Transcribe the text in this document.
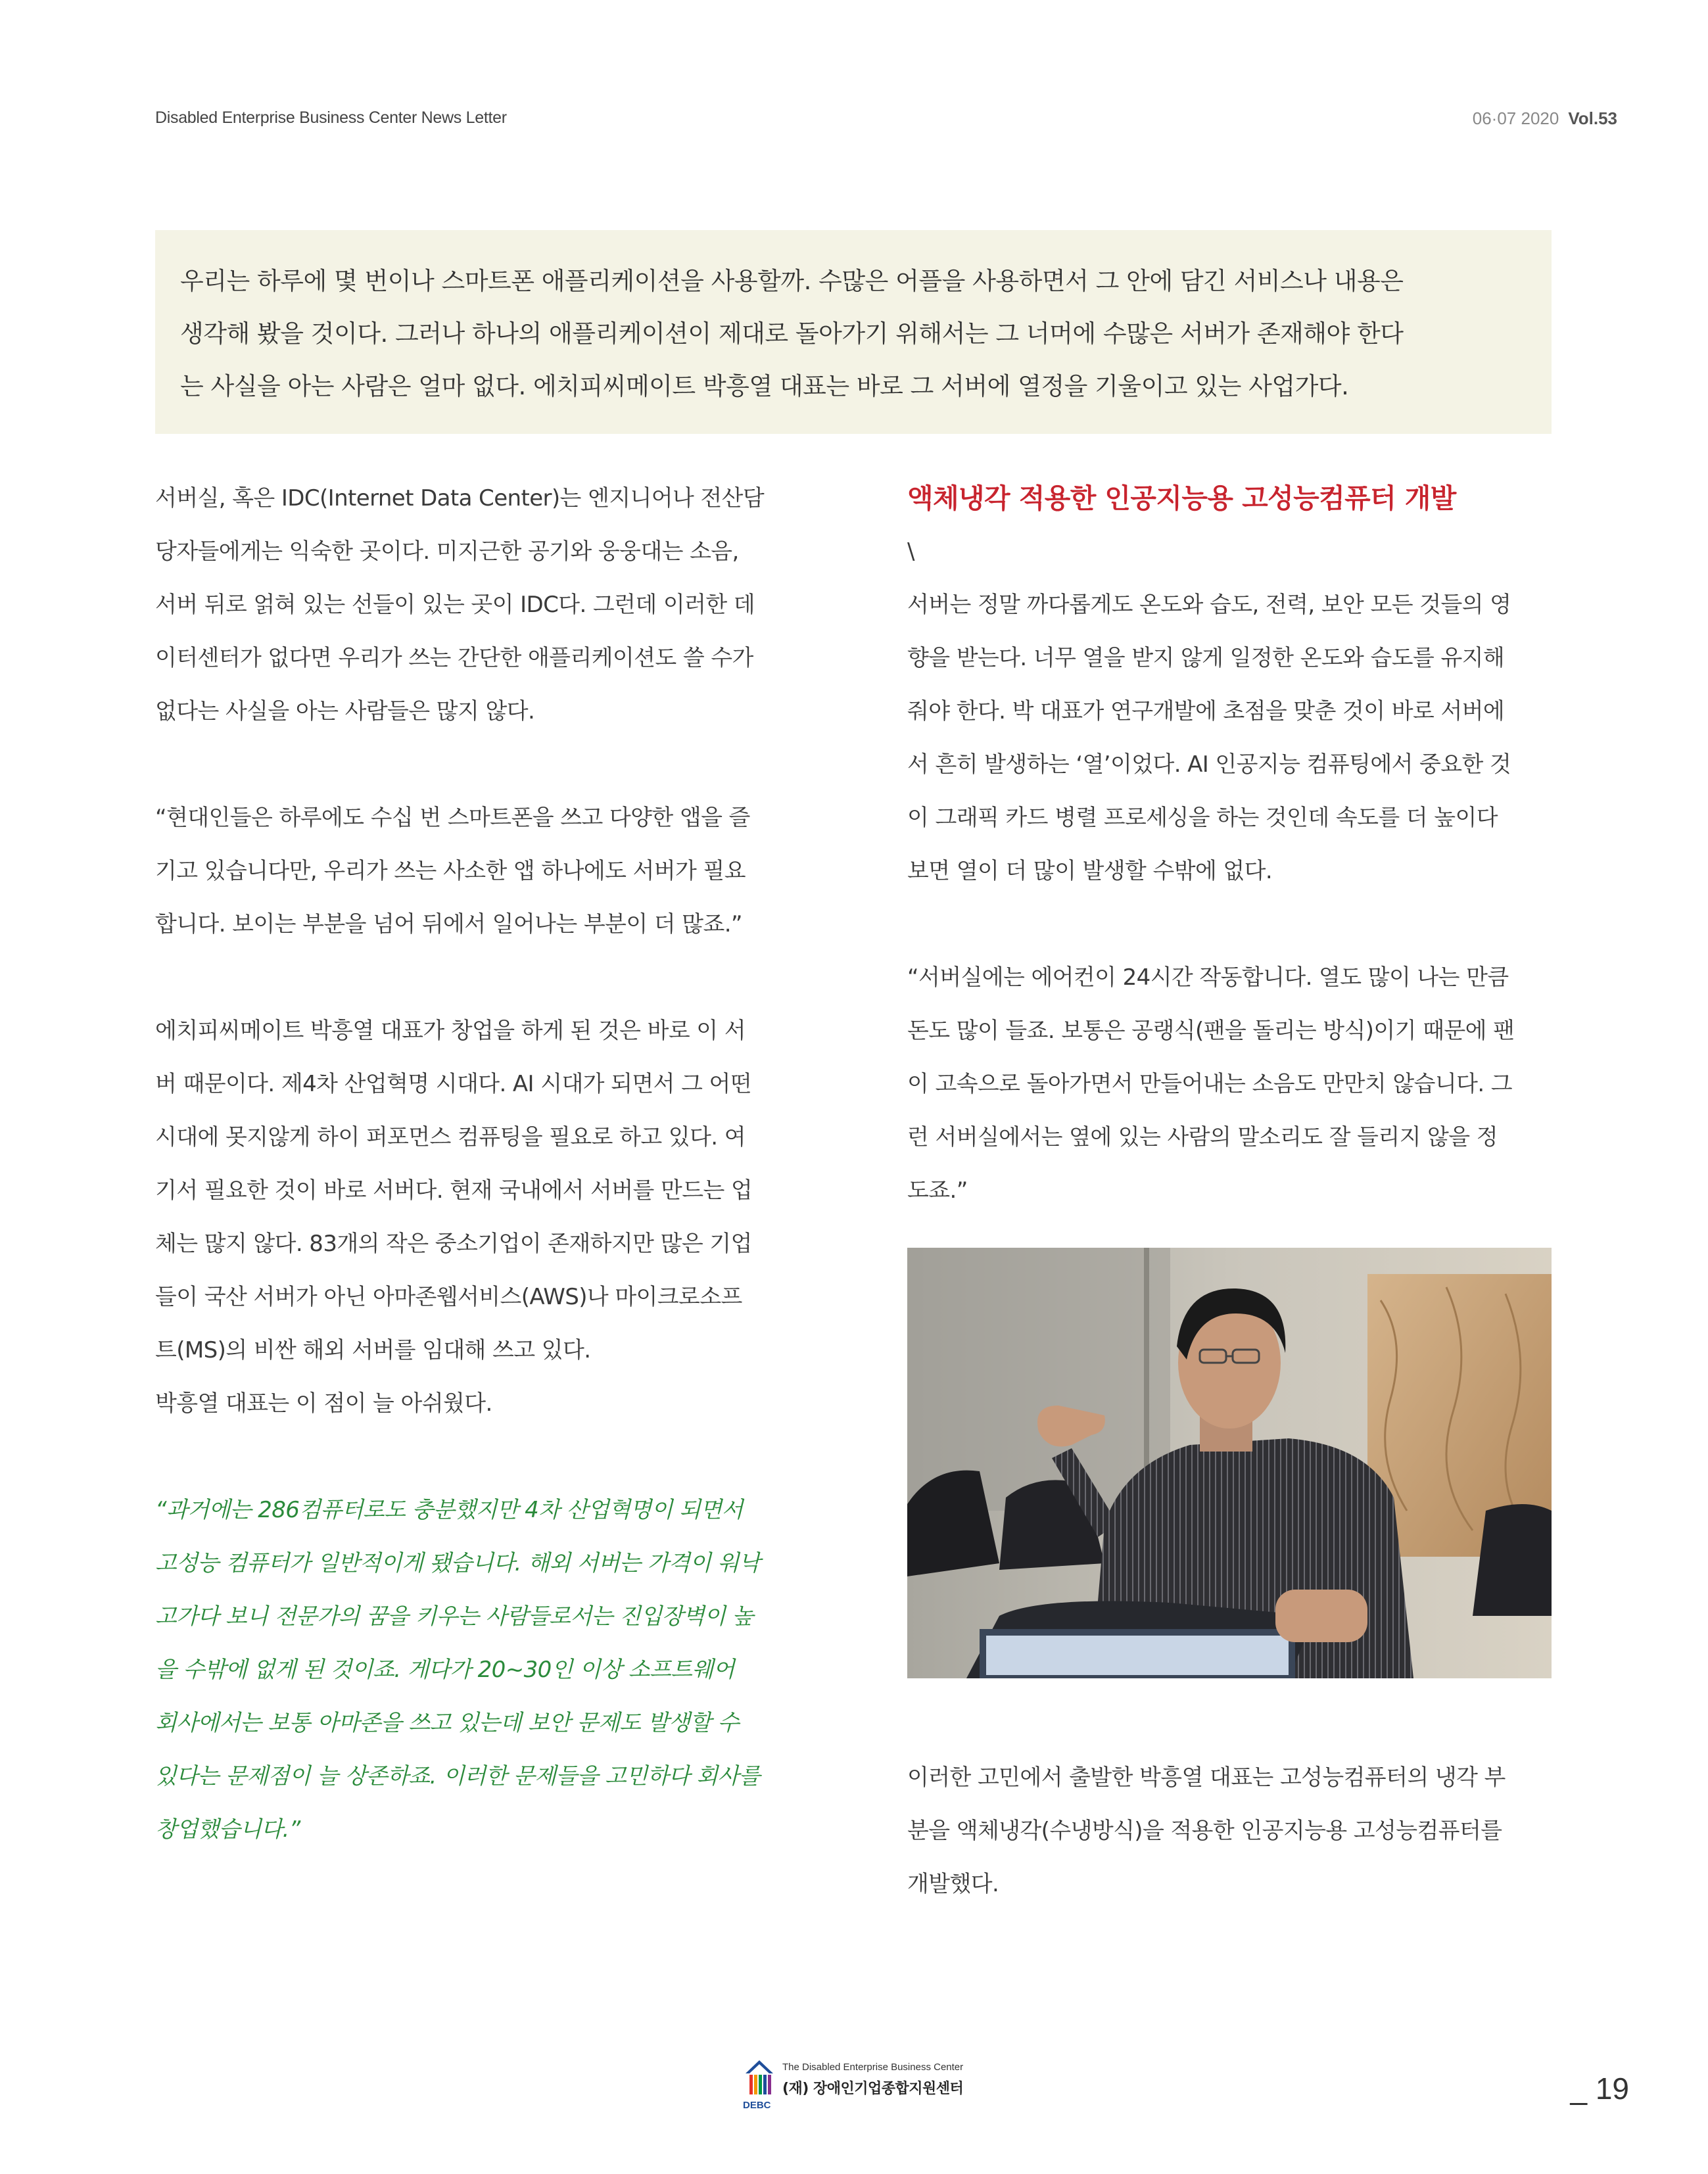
Disabled Enterprise Business Center News Letter	06·07 2020 Vol.53

우리는 하루에 몇 번이나 스마트폰 애플리케이션을 사용할까. 수많은 어플을 사용하면서 그 안에 담긴 서비스나 내용은

생각해 봤을 것이다. 그러나 하나의 애플리케이션이 제대로 돌아가기 위해서는 그 너머에 수많은 서버가 존재해야 한다

는 사실을 아는 사람은 얼마 없다. 에치피씨메이트 박흥열 대표는 바로 그 서버에 열정을 기울이고 있는 사업가다.

서버실, 혹은 IDC(Internet Data Center)는 엔지니어나 전산담

당자들에게는 익숙한 곳이다. 미지근한 공기와 웅웅대는 소음,

서버 뒤로 얽혀 있는 선들이 있는 곳이 IDC다. 그런데 이러한 데

이터센터가 없다면 우리가 쓰는 간단한 애플리케이션도 쓸 수가

없다는 사실을 아는 사람들은 많지 않다.

“현대인들은 하루에도 수십 번 스마트폰을 쓰고 다양한 앱을 즐

기고 있습니다만, 우리가 쓰는 사소한 앱 하나에도 서버가 필요

합니다. 보이는 부분을 넘어 뒤에서 일어나는 부분이 더 많죠.”

에치피씨메이트 박흥열 대표가 창업을 하게 된 것은 바로 이 서

버 때문이다. 제4차 산업혁명 시대다. AI 시대가 되면서 그 어떤

시대에 못지않게 하이 퍼포먼스 컴퓨팅을 필요로 하고 있다. 여

기서 필요한 것이 바로 서버다. 현재 국내에서 서버를 만드는 업

체는 많지 않다. 83개의 작은 중소기업이 존재하지만 많은 기업

들이 국산 서버가 아닌 아마존웹서비스(AWS)나 마이크로소프

트(MS)의 비싼 해외 서버를 임대해 쓰고 있다.

박흥열 대표는 이 점이 늘 아쉬웠다.

“과거에는 286컴퓨터로도 충분했지만 4차 산업혁명이 되면서

고성능 컴퓨터가 일반적이게 됐습니다. 해외 서버는 가격이 워낙

고가다 보니 전문가의 꿈을 키우는 사람들로서는 진입장벽이 높

을 수밖에 없게 된 것이죠. 게다가 20~30인 이상 소프트웨어

회사에서는 보통 아마존을 쓰고 있는데 보안 문제도 발생할 수

있다는 문제점이 늘 상존하죠. 이러한 문제들을 고민하다 회사를

창업했습니다.”

액체냉각 적용한 인공지능용 고성능컴퓨터 개발

\

서버는 정말 까다롭게도 온도와 습도, 전력, 보안 모든 것들의 영

향을 받는다. 너무 열을 받지 않게 일정한 온도와 습도를 유지해

줘야 한다. 박 대표가 연구개발에 초점을 맞춘 것이 바로 서버에

서 흔히 발생하는 ‘열’이었다. AI 인공지능 컴퓨팅에서 중요한 것

이 그래픽 카드 병렬 프로세싱을 하는 것인데 속도를 더 높이다

보면 열이 더 많이 발생할 수밖에 없다.

“서버실에는 에어컨이 24시간 작동합니다. 열도 많이 나는 만큼

돈도 많이 들죠. 보통은 공랭식(팬을 돌리는 방식)이기 때문에 팬

이 고속으로 돌아가면서 만들어내는 소음도 만만치 않습니다. 그

런 서버실에서는 옆에 있는 사람의 말소리도 잘 들리지 않을 정

도죠.”

이러한 고민에서 출발한 박흥열 대표는 고성능컴퓨터의 냉각 부

분을 액체냉각(수냉방식)을 적용한 인공지능용 고성능컴퓨터를

개발했다.

The Disabled Enterprise Business Center
(재) 장애인기업종합지원센터
DEBC	_ 19
